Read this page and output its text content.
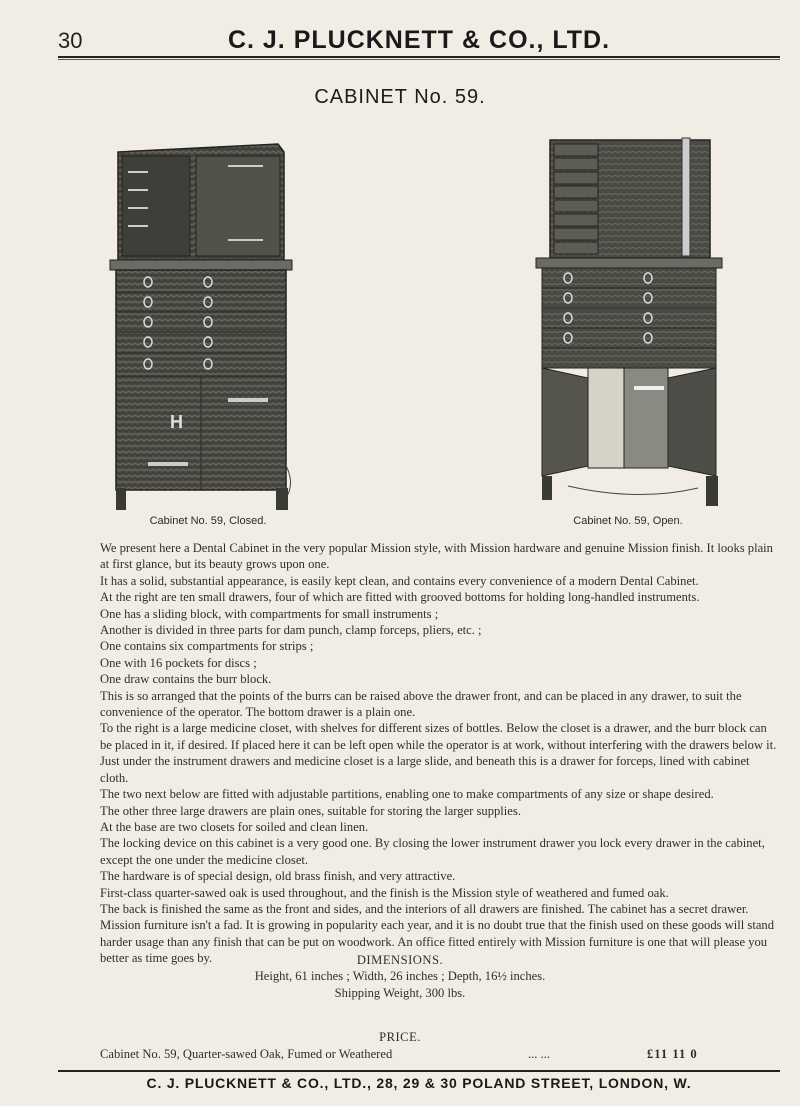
30	C. J. PLUCKNETT & CO., LTD.
CABINET No. 59.
H
Cabinet No. 59, Closed.	Cabinet No. 59, Open.

We present here a Dental Cabinet in the very popular Mission style, with Mission hardware and genuine Mission finish. It looks plain at first glance, but its beauty grows upon one.

It has a solid, substantial appearance, is easily kept clean, and contains every convenience of a modern Dental Cabinet.

At the right are ten small drawers, four of which are fitted with grooved bottoms for holding long-handled instruments.

One has a sliding block, with compartments for small instruments ;

Another is divided in three parts for dam punch, clamp forceps, pliers, etc. ;

One contains six compartments for strips ;

One with 16 pockets for discs ;

One draw contains the burr block.

This is so arranged that the points of the burrs can be raised above the drawer front, and can be placed in any drawer, to suit the convenience of the operator. The bottom drawer is a plain one.

To the right is a large medicine closet, with shelves for different sizes of bottles. Below the closet is a drawer, and the burr block can be placed in it, if desired. If placed here it can be left open while the operator is at work, without interfering with the drawers below it.

Just under the instrument drawers and medicine closet is a large slide, and beneath this is a drawer for forceps, lined with cabinet cloth.

The two next below are fitted with adjustable partitions, enabling one to make compartments of any size or shape desired.

The other three large drawers are plain ones, suitable for storing the larger supplies.

At the base are two closets for soiled and clean linen.

The locking device on this cabinet is a very good one. By closing the lower instrument drawer you lock every drawer in the cabinet, except the one under the medicine closet.

The hardware is of special design, old brass finish, and very attractive.

First-class quarter-sawed oak is used throughout, and the finish is the Mission style of weathered and fumed oak.

The back is finished the same as the front and sides, and the interiors of all drawers are finished. The cabinet has a secret drawer.

Mission furniture isn't a fad. It is growing in popularity each year, and it is no doubt true that the finish used on these goods will stand harder usage than any finish that can be put on woodwork. An office fitted entirely with Mission furniture is one that will please you better as time goes by.	DIMENSIONS.
Height, 61 inches ; Width, 26 inches ; Depth, 16½ inches.
Shipping Weight, 300 lbs.
PRICE.
Cabinet No. 59, Quarter-sawed Oak, Fumed or Weathered	... ...	£11 11 0
C. J. PLUCKNETT & CO., LTD., 28, 29 & 30 POLAND STREET, LONDON, W.
